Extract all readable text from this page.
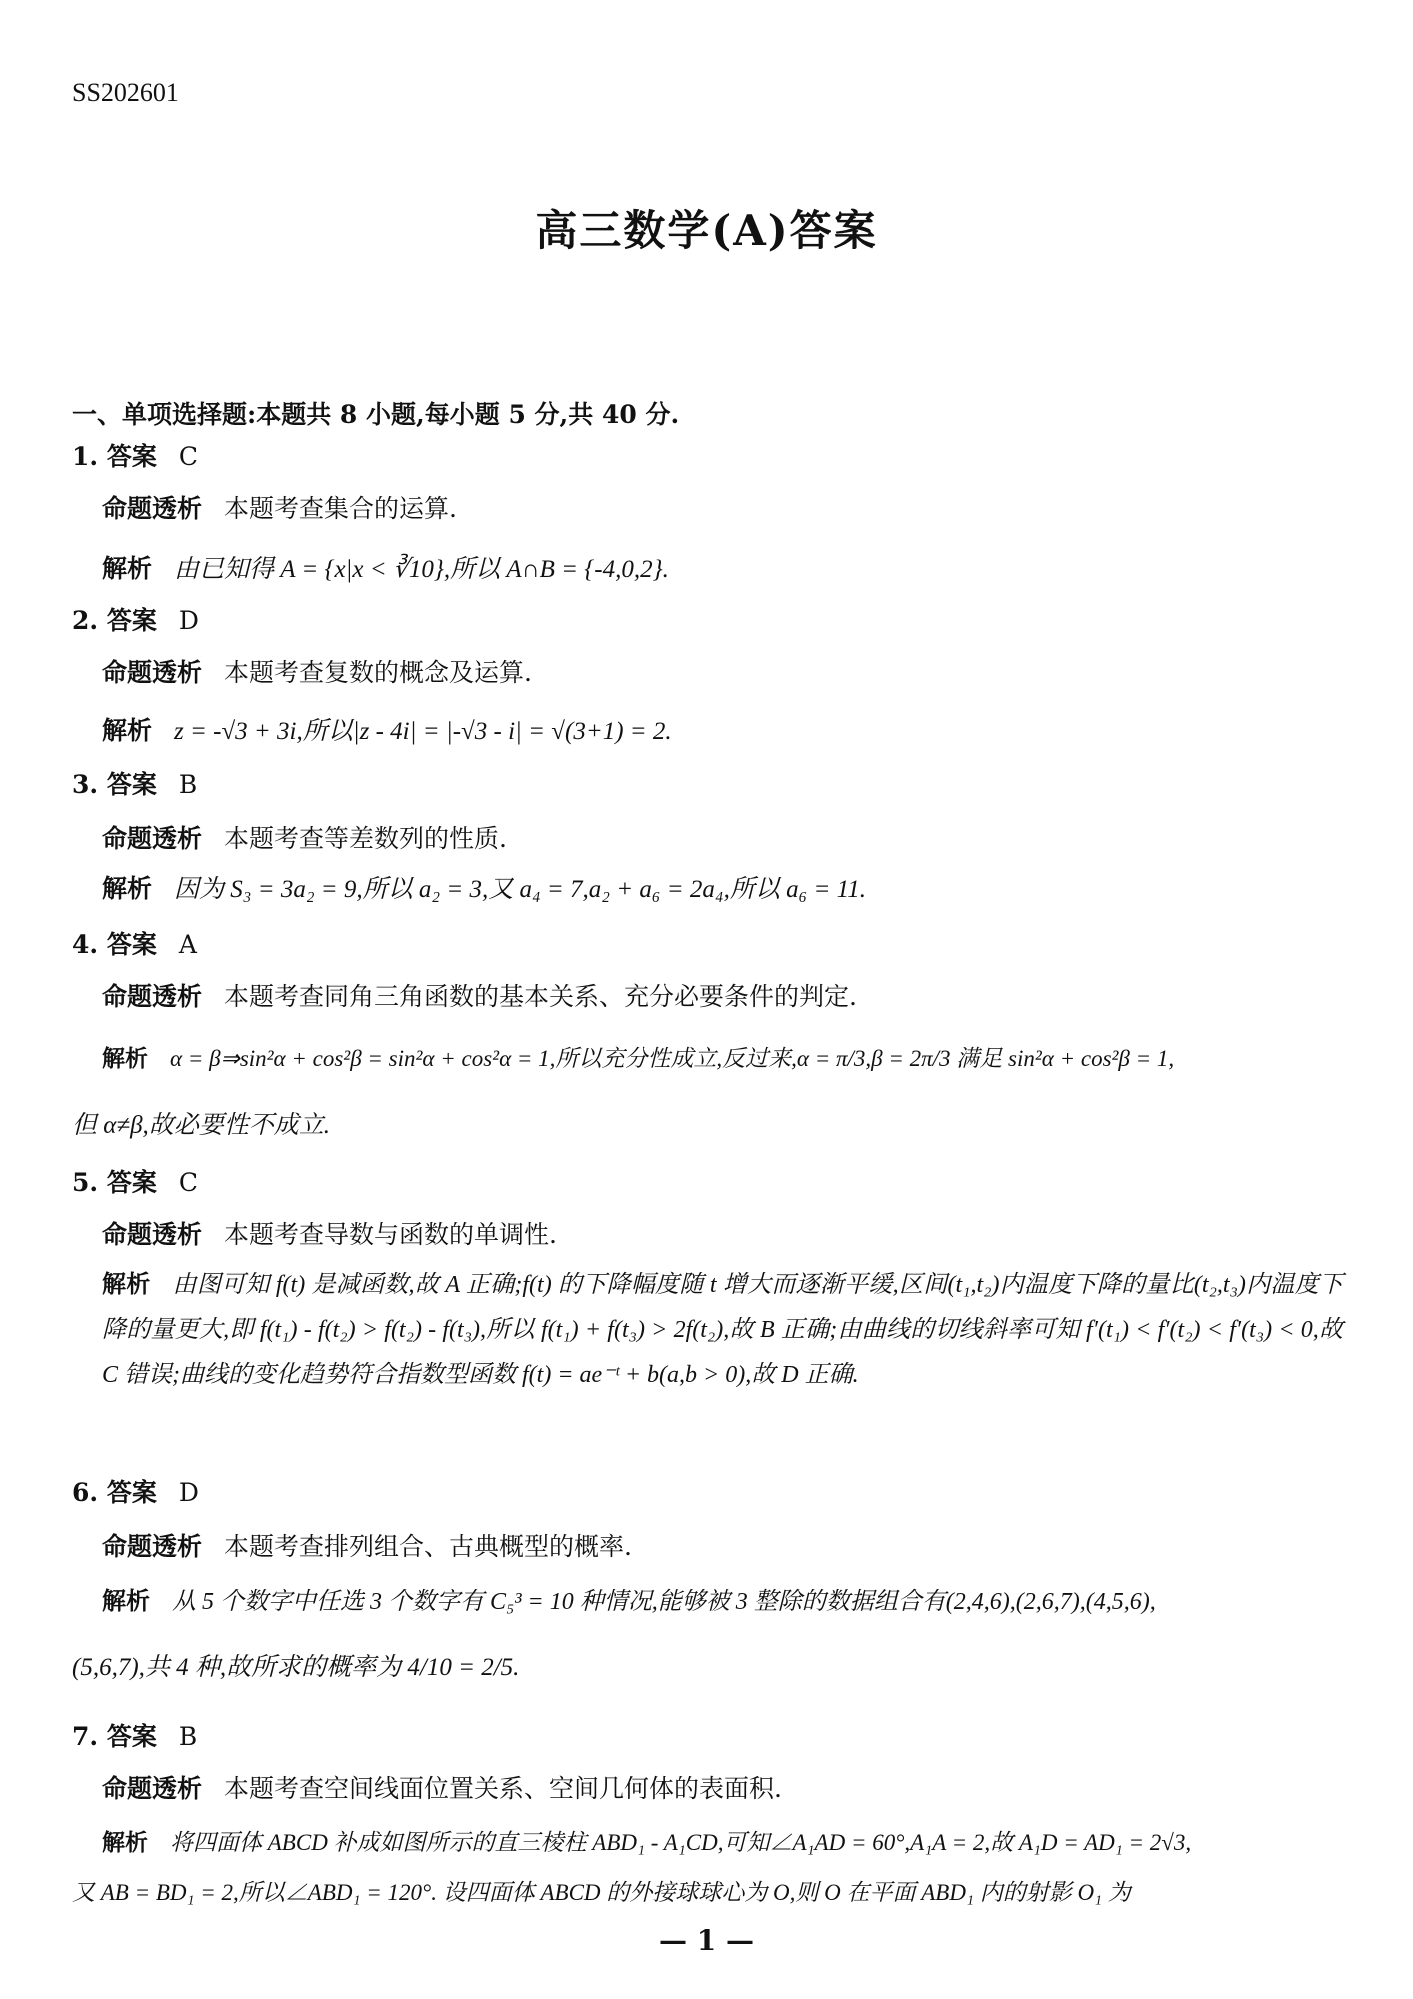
SS202601
高三数学(A)答案
一、单项选择题:本题共 8 小题,每小题 5 分,共 40 分.
1. 答案 C
命题透析 本题考查集合的运算.
解析 由已知得 A = {x|x < ∛10},所以 A∩B = {-4,0,2}.
2. 答案 D
命题透析 本题考查复数的概念及运算.
解析 z = -√3 + 3i,所以|z - 4i| = |-√3 - i| = √(3+1) = 2.
3. 答案 B
命题透析 本题考查等差数列的性质.
解析 因为 S₃ = 3a₂ = 9,所以 a₂ = 3,又 a₄ = 7,a₂ + a₆ = 2a₄,所以 a₆ = 11.
4. 答案 A
命题透析 本题考查同角三角函数的基本关系、充分必要条件的判定.
解析 α = β⇒sin²α + cos²β = sin²α + cos²α = 1,所以充分性成立,反过来,α = π/3,β = 2π/3 满足 sin²α + cos²β = 1,
但 α≠β,故必要性不成立.
5. 答案 C
命题透析 本题考查导数与函数的单调性.
解析 由图可知 f(t) 是减函数,故 A 正确;f(t) 的下降幅度随 t 增大而逐渐平缓,区间(t₁,t₂)内温度下降的量比(t₂,t₃)内温度下降的量更大,即 f(t₁) - f(t₂) > f(t₂) - f(t₃),所以 f(t₁) + f(t₃) > 2f(t₂),故 B 正确;由曲线的切线斜率可知 f′(t₁) < f′(t₂) < f′(t₃) < 0,故 C 错误;曲线的变化趋势符合指数型函数 f(t) = ae⁻ᵗ + b(a,b > 0),故 D 正确.
6. 答案 D
命题透析 本题考查排列组合、古典概型的概率.
解析 从 5 个数字中任选 3 个数字有 C₅³ = 10 种情况,能够被 3 整除的数据组合有(2,4,6),(2,6,7),(4,5,6),
(5,6,7),共 4 种,故所求的概率为 4/10 = 2/5.
7. 答案 B
命题透析 本题考查空间线面位置关系、空间几何体的表面积.
解析 将四面体 ABCD 补成如图所示的直三棱柱 ABD₁ - A₁CD,可知∠A₁AD = 60°,A₁A = 2,故 A₁D = AD₁ = 2√3,
又 AB = BD₁ = 2,所以∠ABD₁ = 120°. 设四面体 ABCD 的外接球球心为 O,则 O 在平面 ABD₁ 内的射影 O₁ 为
— 1 —
